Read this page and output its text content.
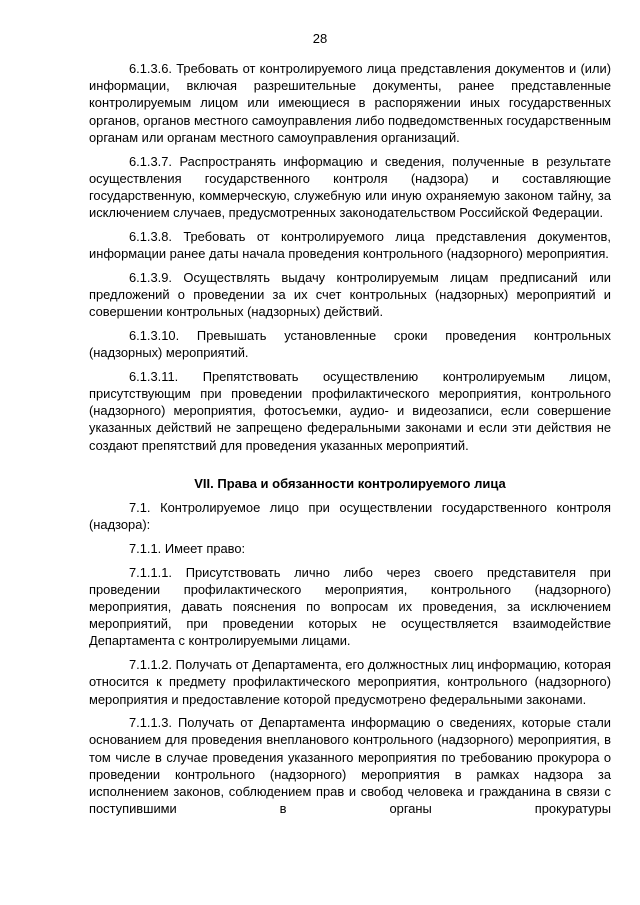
28

6.1.3.6. Требовать от контролируемого лица представления документов и (или) информации, включая разрешительные документы, ранее представленные контролируемым лицом или имеющиеся в распоряжении иных государственных органов, органов местного самоуправления либо подведомственных государственным органам или органам местного самоуправления организаций.

6.1.3.7. Распространять информацию и сведения, полученные в результате осуществления государственного контроля (надзора) и составляющие государственную, коммерческую, служебную или иную охраняемую законом тайну, за исключением случаев, предусмотренных законодательством Российской Федерации.

6.1.3.8. Требовать от контролируемого лица представления документов, информации ранее даты начала проведения контрольного (надзорного) мероприятия.

6.1.3.9. Осуществлять выдачу контролируемым лицам предписаний или предложений о проведении за их счет контрольных (надзорных) мероприятий и совершении контрольных (надзорных) действий.

6.1.3.10. Превышать установленные сроки проведения контрольных (надзорных) мероприятий.

6.1.3.11. Препятствовать осуществлению контролируемым лицом, присутствующим при проведении профилактического мероприятия, контрольного (надзорного) мероприятия, фотосъемки, аудио- и видеозаписи, если совершение указанных действий не запрещено федеральными законами и если эти действия не создают препятствий для проведения указанных мероприятий.

VII. Права и обязанности контролируемого лица

7.1. Контролируемое лицо при осуществлении государственного контроля (надзора):

7.1.1. Имеет право:

7.1.1.1. Присутствовать лично либо через своего представителя при проведении профилактического мероприятия, контрольного (надзорного) мероприятия, давать пояснения по вопросам их проведения, за исключением мероприятий, при проведении которых не осуществляется взаимодействие Департамента с контролируемыми лицами.

7.1.1.2. Получать от Департамента, его должностных лиц информацию, которая относится к предмету профилактического мероприятия, контрольного (надзорного) мероприятия и предоставление которой предусмотрено федеральными законами.

7.1.1.3. Получать от Департамента информацию о сведениях, которые стали основанием для проведения внепланового контрольного (надзорного) мероприятия, в том числе в случае проведения указанного мероприятия по требованию прокурора о проведении контрольного (надзорного) мероприятия в рамках надзора за исполнением законов, соблюдением прав и свобод человека и гражданина в связи с поступившими в органы прокуратуры
